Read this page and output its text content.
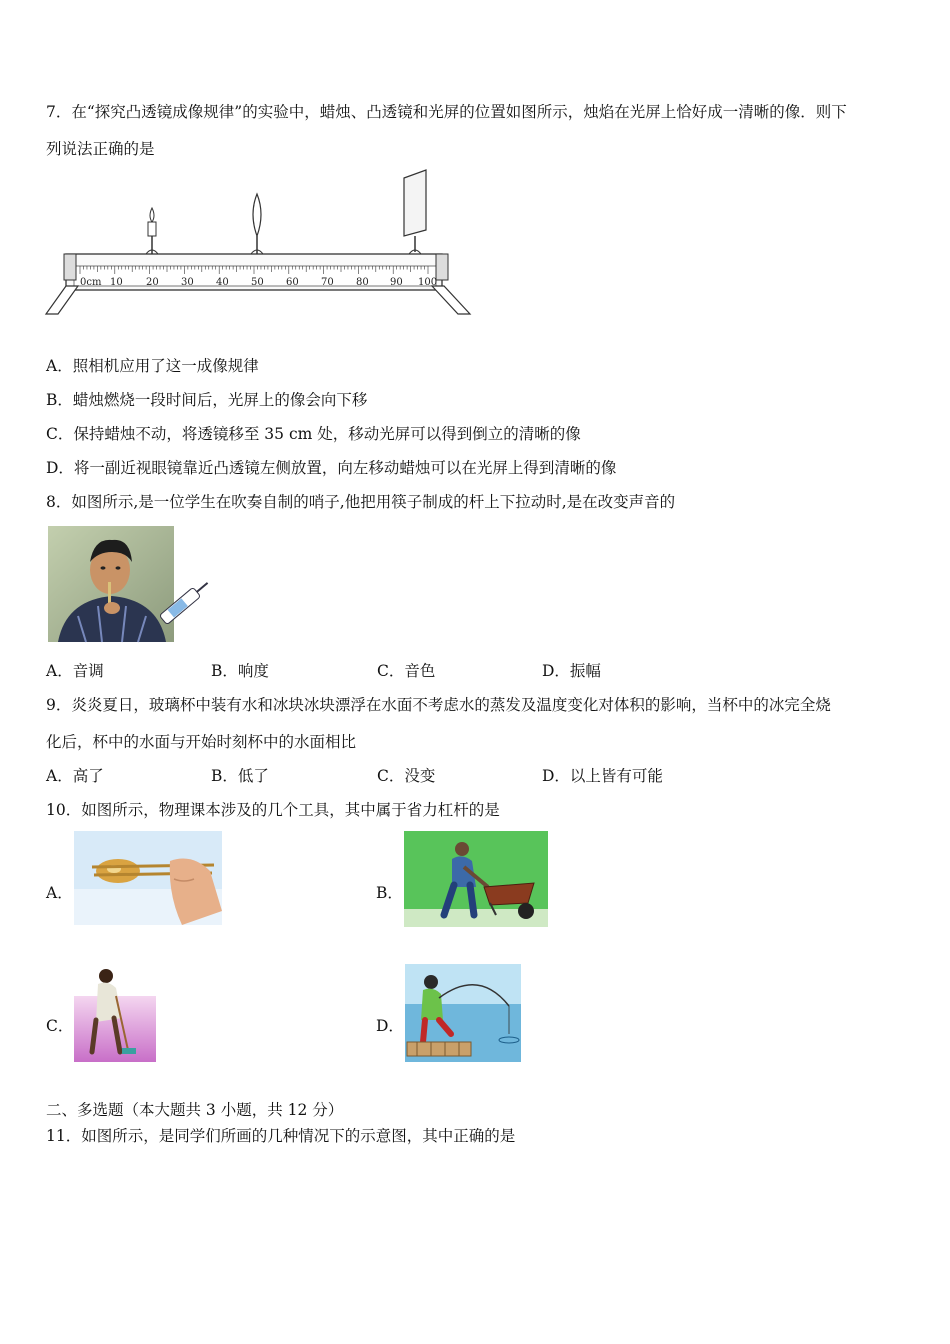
7．在“探究凸透镜成像规律”的实验中，蜡烛、凸透镜和光屏的位置如图所示，烛焰在光屏上恰好成一清晰的像．则下
列说法正确的是
0cm 10 20 30 40 50 60 70 80 90 100
A．照相机应用了这一成像规律
B．蜡烛燃烧一段时间后，光屏上的像会向下移
C．保持蜡烛不动，将透镜移至 35 cm 处，移动光屏可以得到倒立的清晰的像
D．将一副近视眼镜靠近凸透镜左侧放置，向左移动蜡烛可以在光屏上得到清晰的像
8．如图所示,是一位学生在吹奏自制的哨子,他把用筷子制成的杆上下拉动时,是在改变声音的
A．音调	B．响度	C．音色	D．振幅
9．炎炎夏日，玻璃杯中装有水和冰块冰块漂浮在水面不考虑水的蒸发及温度变化对体积的影响，当杯中的冰完全烧
化后，杯中的水面与开始时刻杯中的水面相比
A．高了	B．低了	C．没变	D．以上皆有可能
10．如图所示，物理课本涉及的几个工具，其中属于省力杠杆的是
A．	B．
C．	D．
二、多选题（本大题共 3 小题，共 12 分）
11．如图所示，是同学们所画的几种情况下的示意图，其中正确的是
